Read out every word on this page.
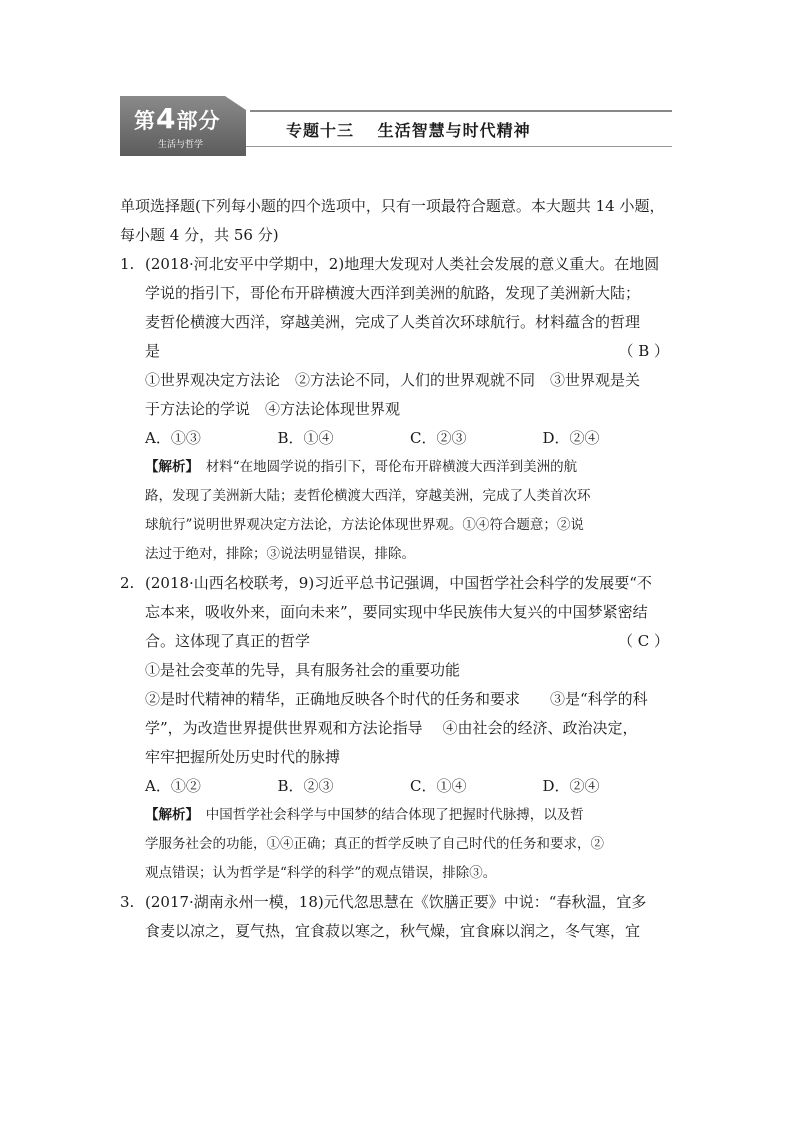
第4部分
生活与哲学
专题十三　 生活智慧与时代精神
单项选择题(下列每小题的四个选项中，只有一项最符合题意。本大题共 14 小题，
每小题 4 分，共 56 分)
1. (2018·河北安平中学期中，2)地理大发现对人类社会发展的意义重大。在地圆
学说的指引下，哥伦布开辟横渡大西洋到美洲的航路，发现了美洲新大陆；
麦哲伦横渡大西洋，穿越美洲，完成了人类首次环球航行。材料蕴含的哲理
是	（ B ）
①世界观决定方法论　②方法论不同，人们的世界观就不同　③世界观是关
于方法论的学说　④方法论体现世界观
A．①③	B．①④	C．②③	D．②④
【解析】　材料“在地圆学说的指引下，哥伦布开辟横渡大西洋到美洲的航
路，发现了美洲新大陆；麦哲伦横渡大西洋，穿越美洲，完成了人类首次环
球航行”说明世界观决定方法论，方法论体现世界观。①④符合题意；②说
法过于绝对，排除；③说法明显错误，排除。
2. (2018·山西名校联考，9)习近平总书记强调，中国哲学社会科学的发展要“不
忘本来，吸收外来，面向未来”，要同实现中华民族伟大复兴的中国梦紧密结
合。这体现了真正的哲学	（ C ）
①是社会变革的先导，具有服务社会的重要功能
②是时代精神的精华，正确地反映各个时代的任务和要求　　③是“科学的科
学”，为改造世界提供世界观和方法论指导　 ④由社会的经济、政治决定，
牢牢把握所处历史时代的脉搏
A．①②	B．②③	C．①④	D．②④
【解析】　中国哲学社会科学与中国梦的结合体现了把握时代脉搏，以及哲
学服务社会的功能，①④正确；真正的哲学反映了自己时代的任务和要求，②
观点错误；认为哲学是“科学的科学”的观点错误，排除③。
3. (2017·湖南永州一模，18)元代忽思慧在《饮膳正要》中说：“春秋温，宜多
食麦以凉之，夏气热，宜食菽以寒之，秋气燥，宜食麻以润之，冬气寒，宜
